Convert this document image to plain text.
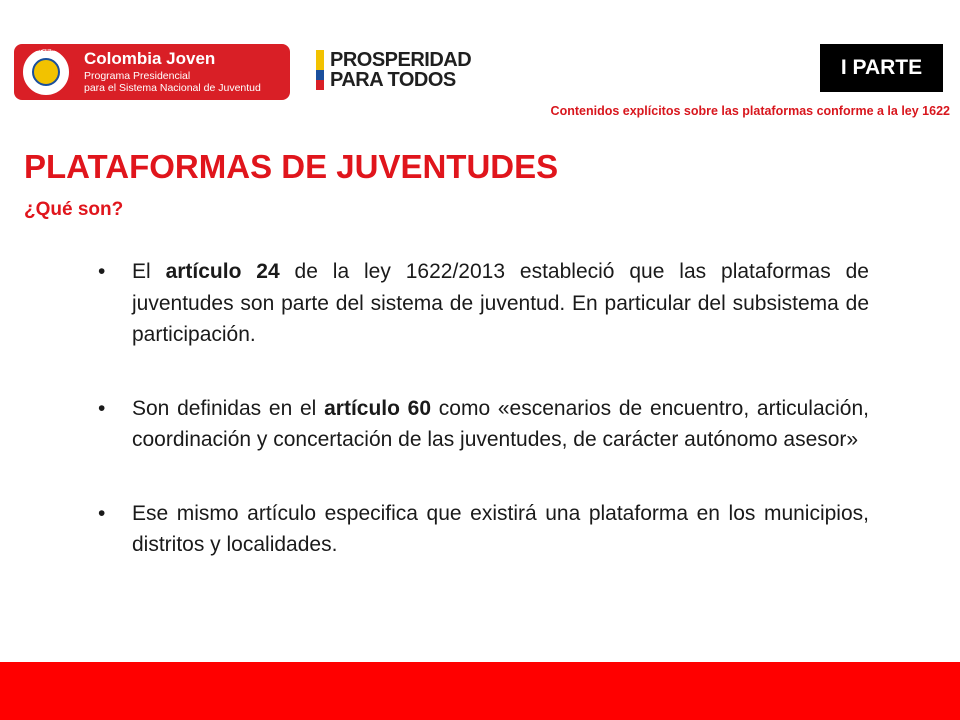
REPÚBLICA	Colombia Joven
Programa Presidencial
para el Sistema Nacional de Juventud
PROSPERIDAD
PARA TODOS
I PARTE
Contenidos explícitos sobre las plataformas conforme a la ley 1622
PLATAFORMAS DE JUVENTUDES
¿Qué son?
• El artículo 24 de la ley 1622/2013 estableció que las plataformas de juventudes son parte del sistema de juventud. En particular del subsistema de participación.
• Son definidas en el artículo 60 como «escenarios de encuentro, articulación, coordinación y concertación de las juventudes, de carácter autónomo asesor»
• Ese mismo artículo especifica que existirá una plataforma en los municipios, distritos y localidades.
